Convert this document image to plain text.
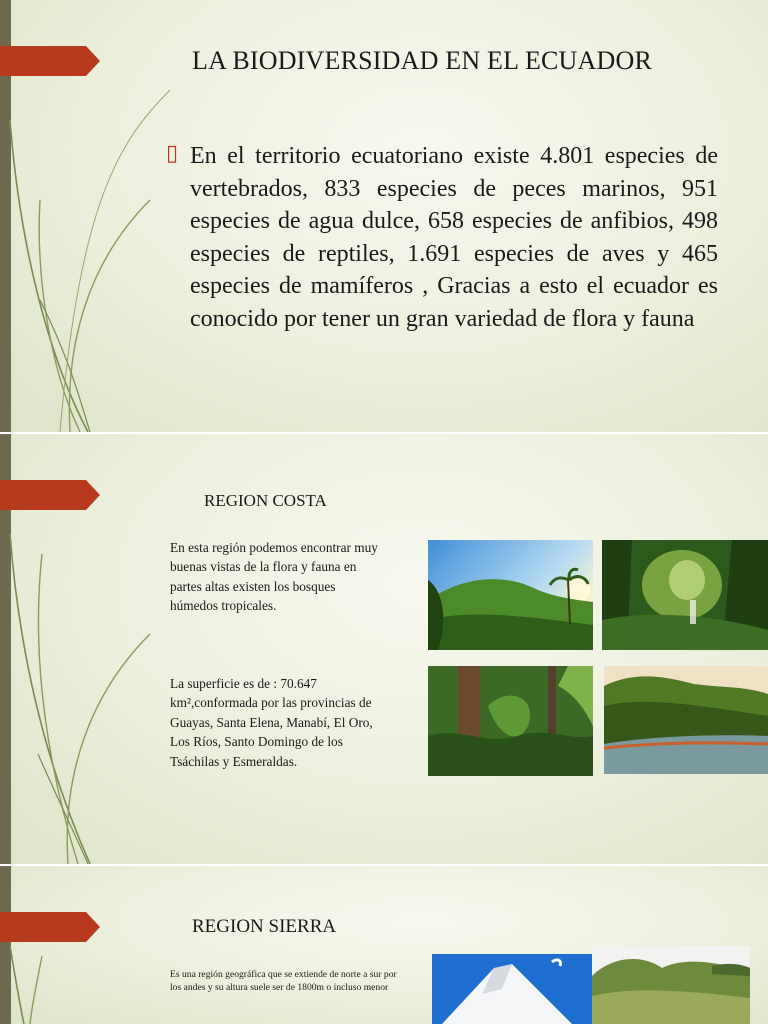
LA BIODIVERSIDAD EN EL ECUADOR
▯ En el territorio ecuatoriano existe 4.801 especies de vertebrados, 833 especies de peces marinos, 951 especies de agua dulce, 658 especies de anfibios, 498 especies de reptiles, 1.691 especies de aves y 465 especies de mamíferos , Gracias a esto el ecuador es conocido por tener un gran variedad de flora y fauna
REGION COSTA
En esta región podemos encontrar muy buenas vistas de la flora y fauna en partes altas existen los bosques húmedos tropicales.
La superficie es de : 70.647 km²,conformada por las provincias de Guayas, Santa Elena, Manabí, El Oro, Los Ríos, Santo Domingo de los Tsáchilas y Esmeraldas.
REGION SIERRA
Es una región geográfica que se extiende de norte a sur por los andes y su altura suele ser de 1800m o incluso menor
